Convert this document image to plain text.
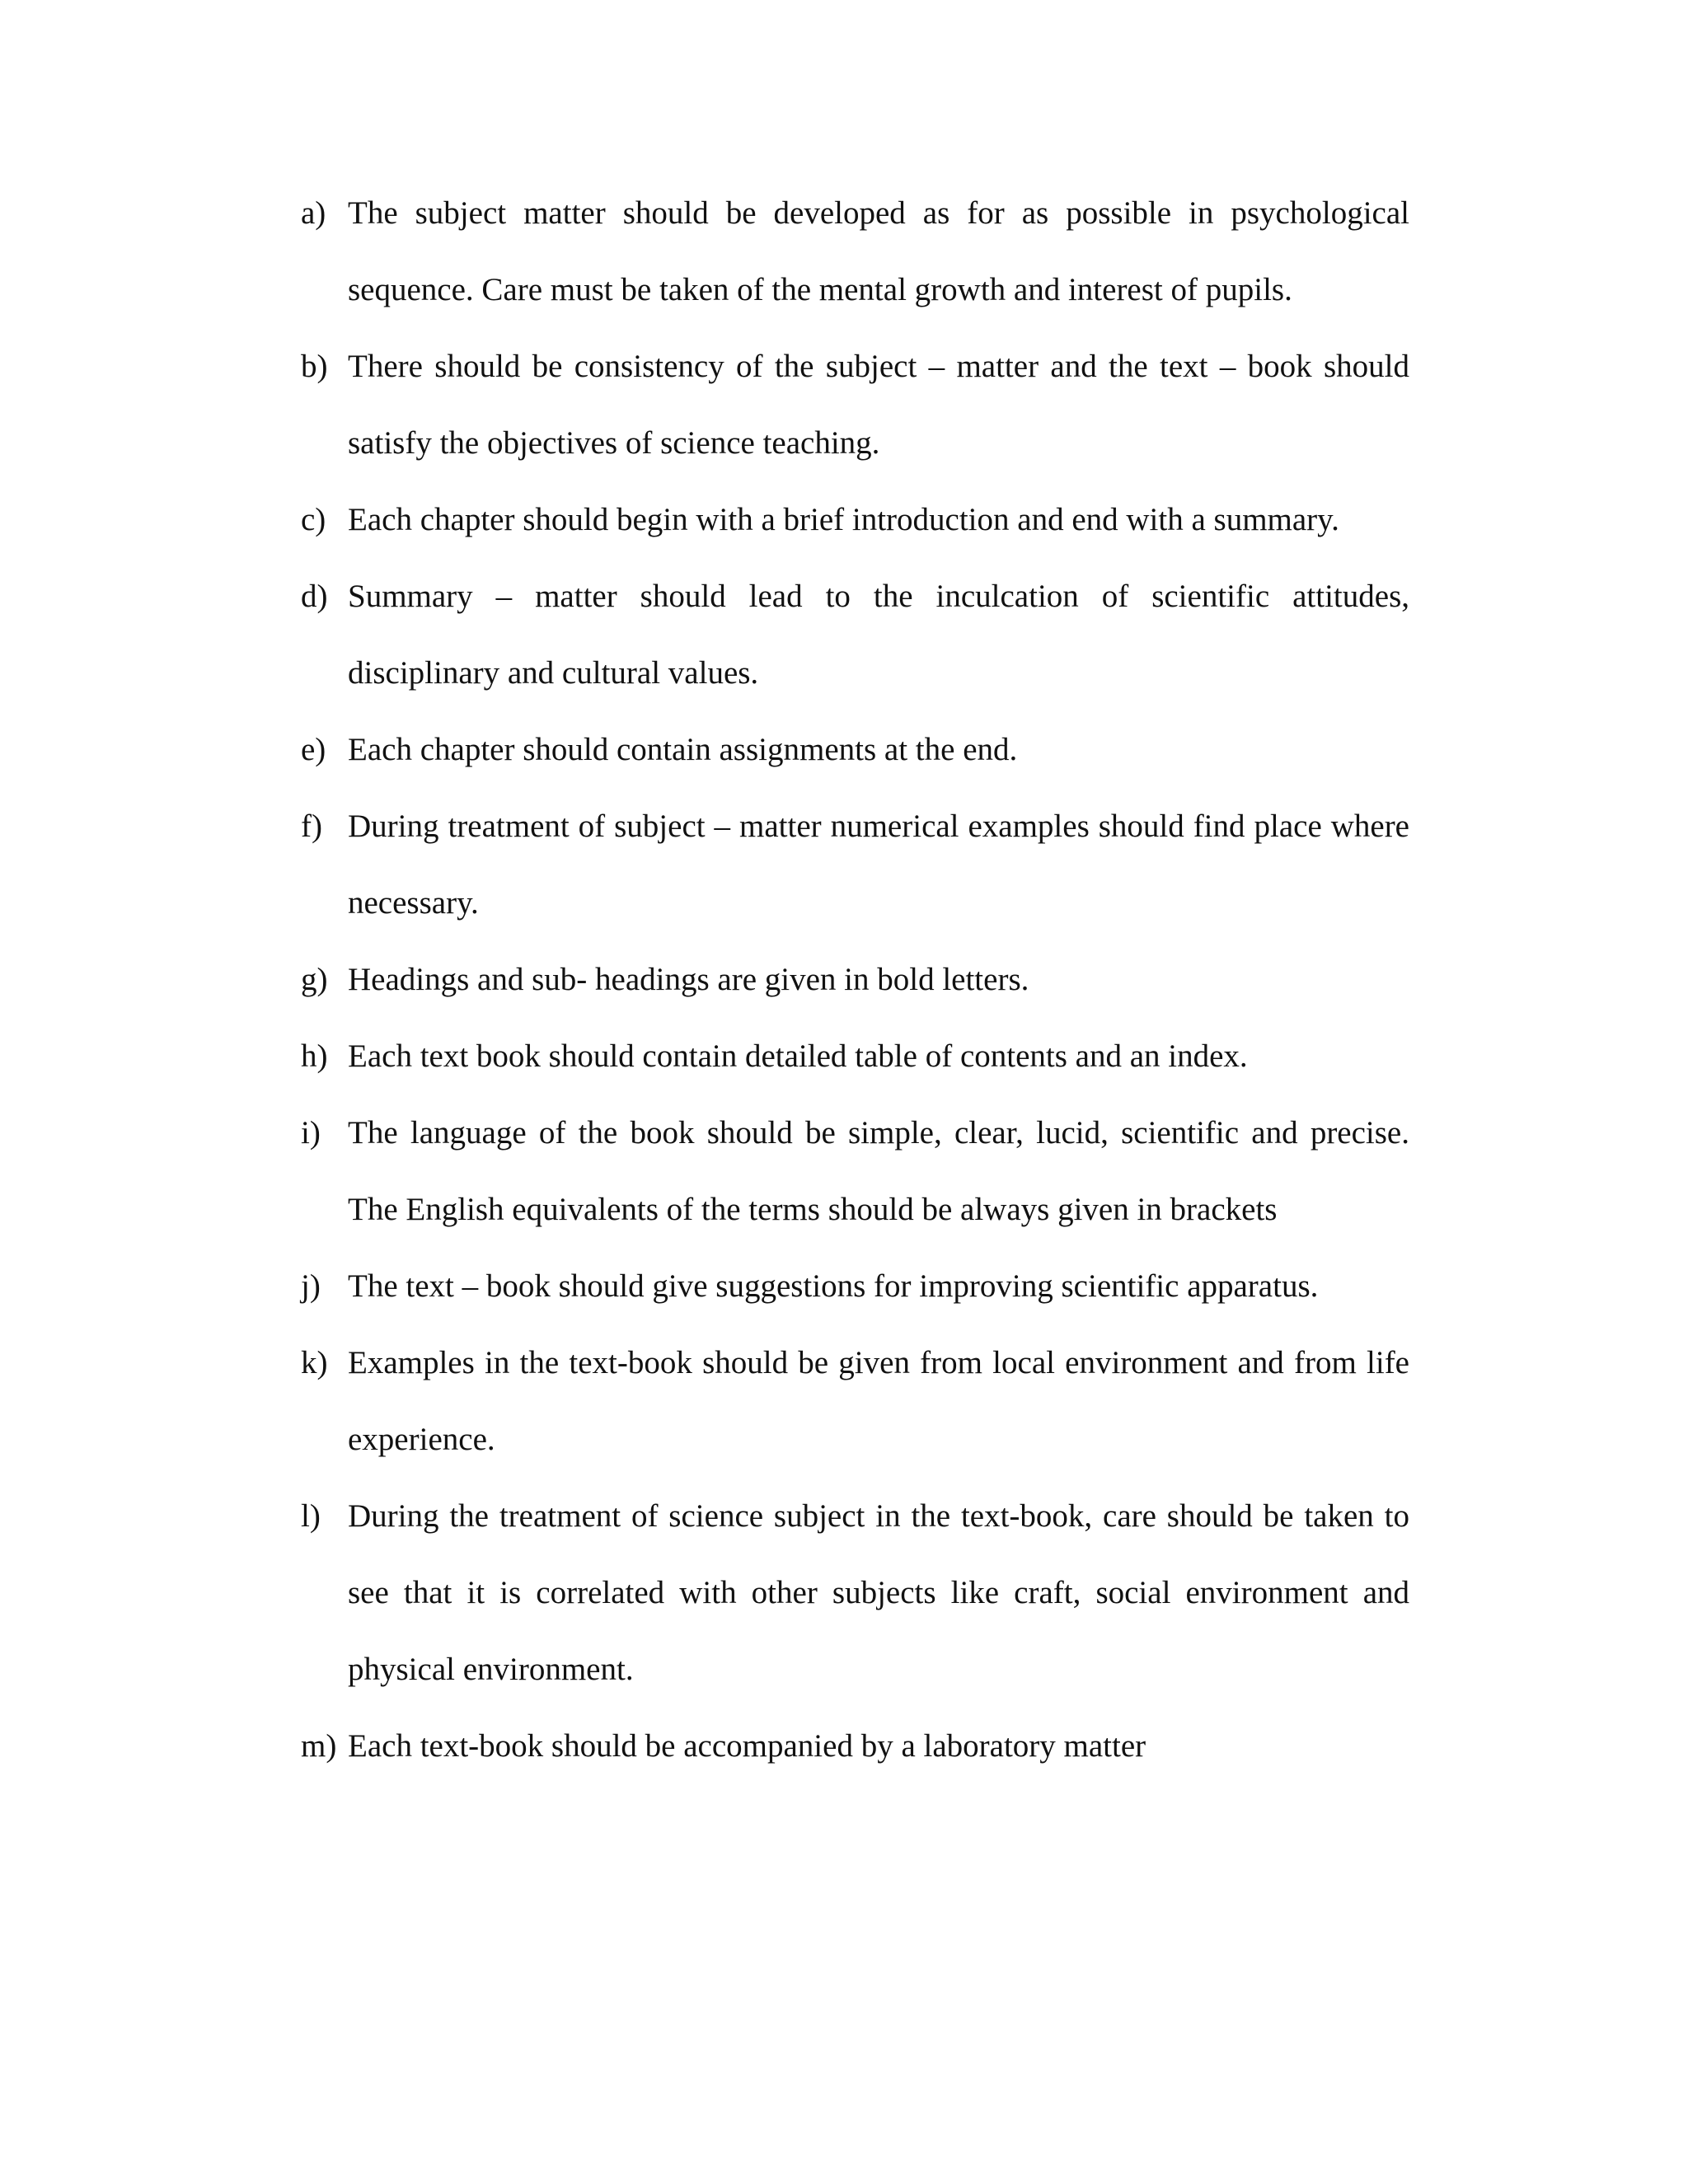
a) The subject matter should be developed as for as possible in psychological sequence. Care must be taken of the mental growth and interest of pupils.
b) There should be consistency of the subject – matter and the text – book should satisfy the objectives of science teaching.
c) Each chapter should begin with a brief introduction and end with a summary.
d) Summary – matter should lead to the inculcation of scientific attitudes, disciplinary and cultural values.
e) Each chapter should contain assignments at the end.
f) During treatment of subject – matter numerical examples should find place where necessary.
g) Headings and sub- headings are given in bold letters.
h) Each text book should contain detailed table of contents and an index.
i) The language of the book should be simple, clear, lucid, scientific and precise. The English equivalents of the terms should be always given in brackets
j) The text – book should give suggestions for improving scientific apparatus.
k) Examples in the text-book should be given from local environment and from life experience.
l) During the treatment of science subject in the text-book, care should be taken to see that it is correlated with other subjects like craft, social environment and physical environment.
m) Each text-book should be accompanied by a laboratory matter
